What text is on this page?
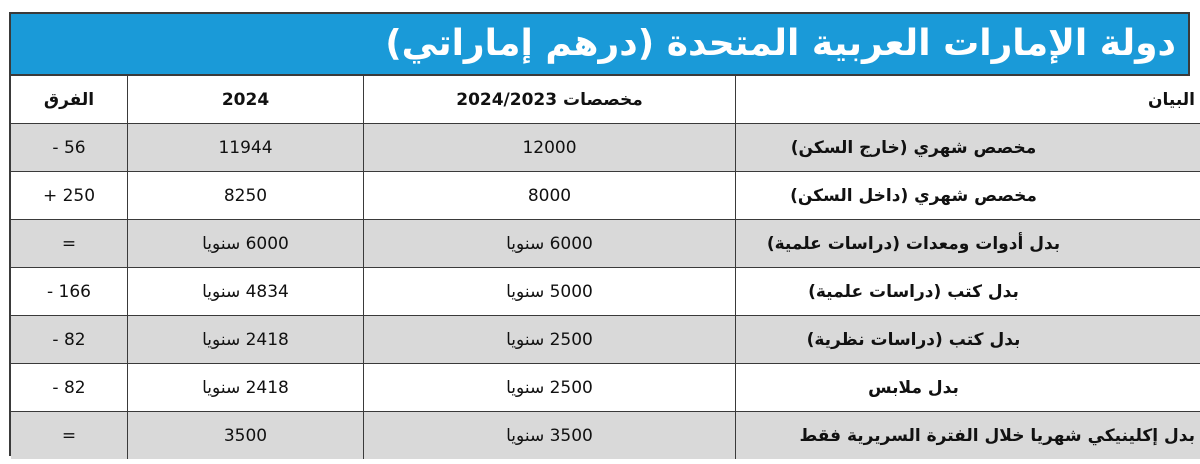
دولة الإمارات العربية المتحدة (درهم إماراتي)
البيان	مخصصات 2024/2023	2024	الفرق
مخصص شهري (خارج السكن)	12000	11944	- 56
مخصص شهري (داخل السكن)	8000	8250	+ 250
بدل أدوات ومعدات (دراسات علمية)	6000 سنويا	6000 سنويا	=
بدل كتب (دراسات علمية)	5000 سنويا	4834 سنويا	- 166
بدل كتب (دراسات نظرية)	2500 سنويا	2418 سنويا	- 82
بدل ملابس	2500 سنويا	2418 سنويا	- 82
بدل إكلينيكي شهريا خلال الفترة السريرية فقط	3500 سنويا	3500	=
